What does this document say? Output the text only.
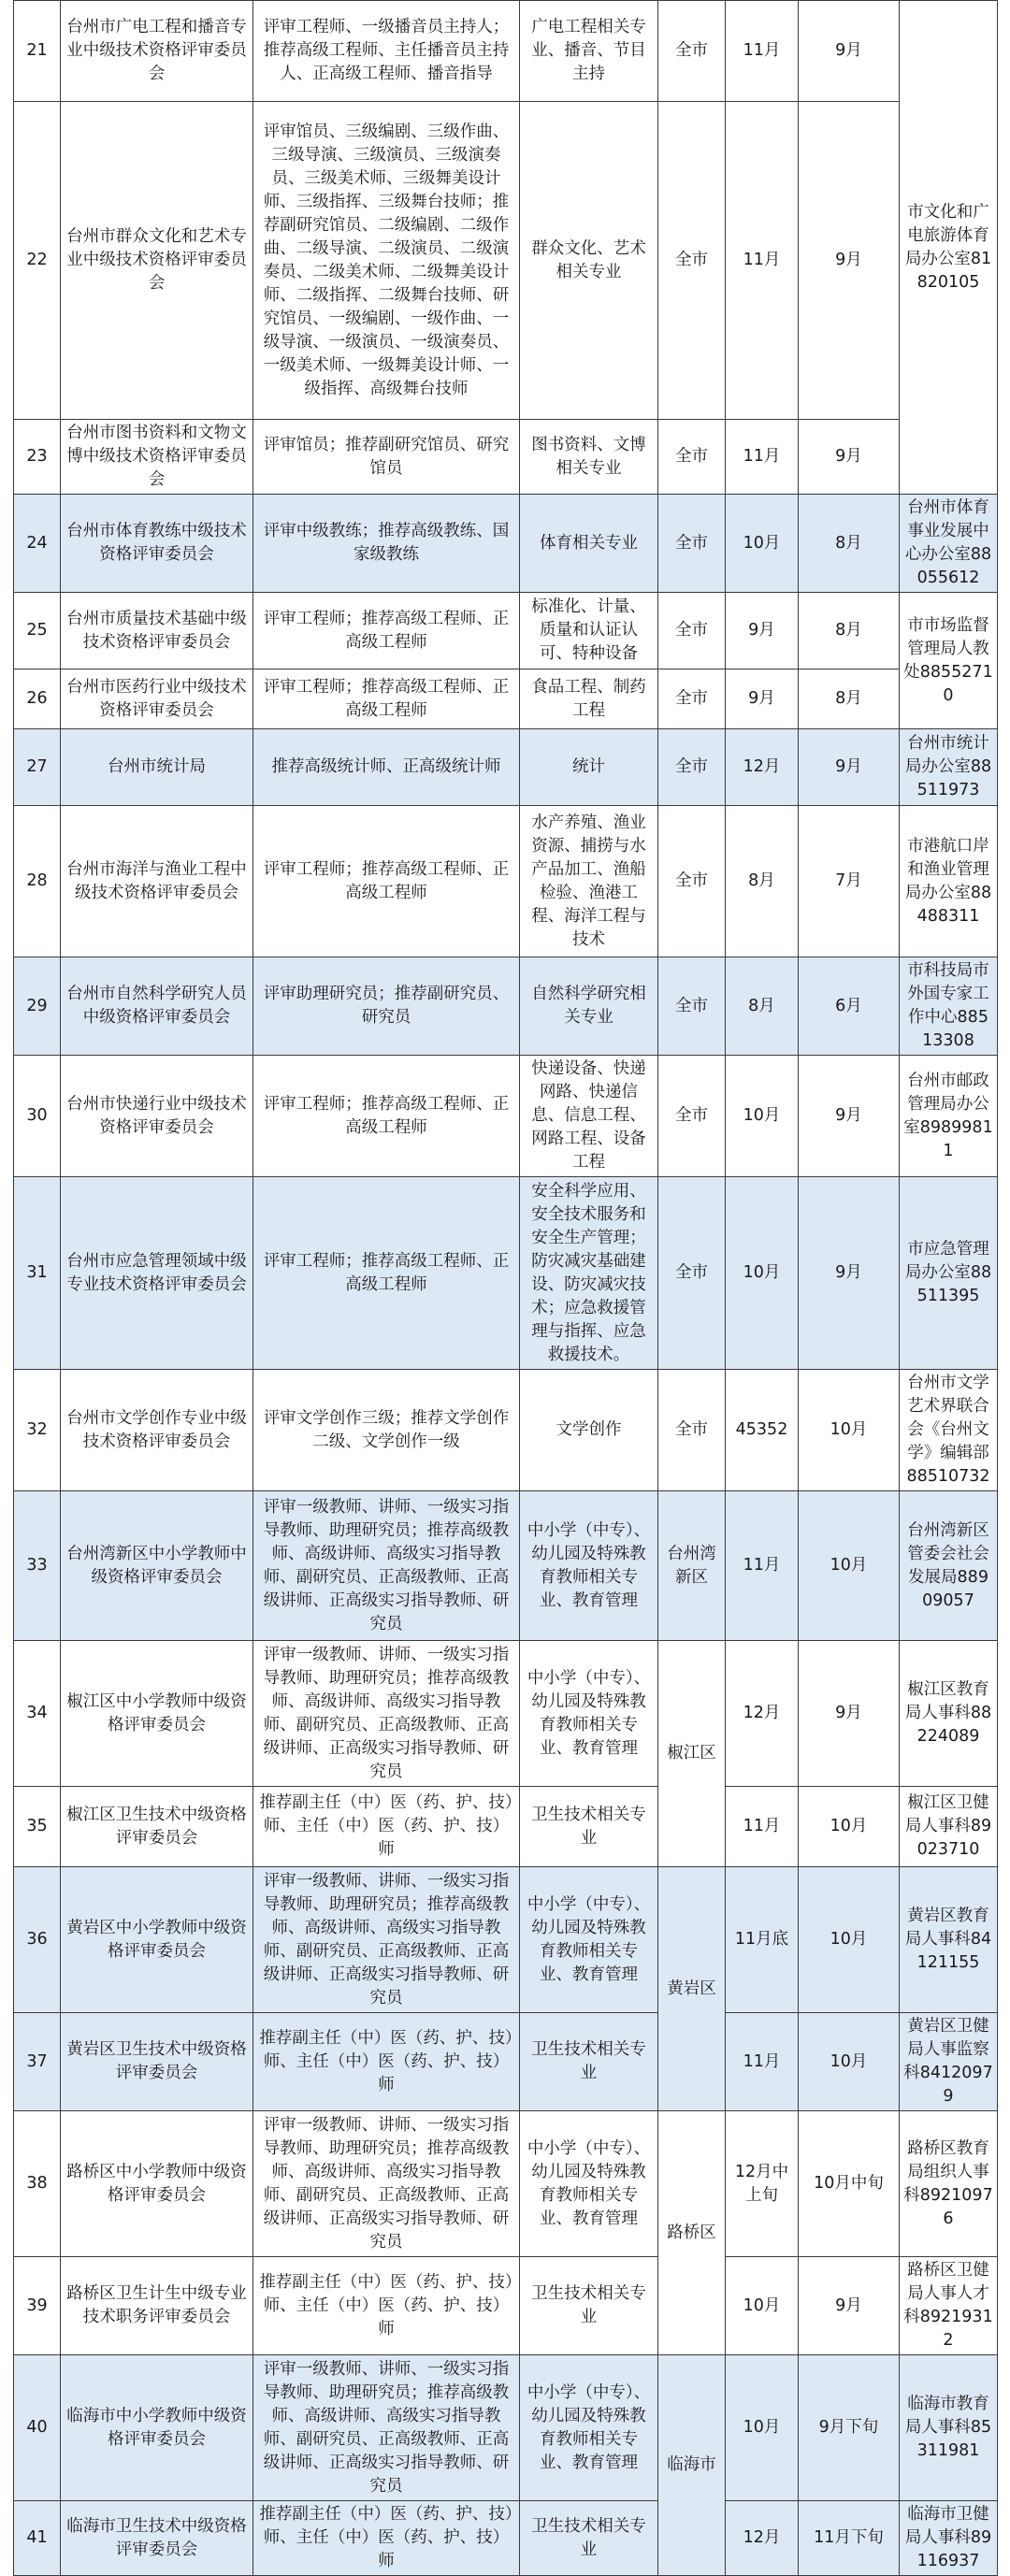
21	台州市广电工程和播音专业中级技术资格评审委员会	评审工程师、一级播音员主持人；推荐高级工程师、主任播音员主持人、正高级工程师、播音指导	广电工程相关专业、播音、节目主持	全市	11月	9月	市文化和广电旅游体育局办公室81820105
22	台州市群众文化和艺术专业中级技术资格评审委员会	评审馆员、三级编剧、三级作曲、三级导演、三级演员、三级演奏员、三级美术师、三级舞美设计师、三级指挥、三级舞台技师；推荐副研究馆员、二级编剧、二级作曲、二级导演、二级演员、二级演奏员、二级美术师、二级舞美设计师、二级指挥、二级舞台技师、研究馆员、一级编剧、一级作曲、一级导演、一级演员、一级演奏员、一级美术师、一级舞美设计师、一级指挥、高级舞台技师	群众文化、艺术相关专业	全市	11月	9月	
23	台州市图书资料和文物文博中级技术资格评审委员会	评审馆员；推荐副研究馆员、研究馆员	图书资料、文博相关专业	全市	11月	9月	
24	台州市体育教练中级技术资格评审委员会	评审中级教练；推荐高级教练、国家级教练	体育相关专业	全市	10月	8月	台州市体育事业发展中心办公室88055612
25	台州市质量技术基础中级技术资格评审委员会	评审工程师；推荐高级工程师、正高级工程师	标准化、计量、质量和认证认可、特种设备	全市	9月	8月	市市场监督管理局人教处88552710
26	台州市医药行业中级技术资格评审委员会	评审工程师；推荐高级工程师、正高级工程师	食品工程、制药工程	全市	9月	8月	
27	台州市统计局	推荐高级统计师、正高级统计师	统计	全市	12月	9月	台州市统计局办公室88511973
28	台州市海洋与渔业工程中级技术资格评审委员会	评审工程师；推荐高级工程师、正高级工程师	水产养殖、渔业资源、捕捞与水产品加工、渔船检验、渔港工程、海洋工程与技术	全市	8月	7月	市港航口岸和渔业管理局办公室88488311
29	台州市自然科学研究人员中级资格评审委员会	评审助理研究员；推荐副研究员、研究员	自然科学研究相关专业	全市	8月	6月	市科技局市外国专家工作中心88513308
30	台州市快递行业中级技术资格评审委员会	评审工程师；推荐高级工程师、正高级工程师	快递设备、快递网路、快递信息、信息工程、网路工程、设备工程	全市	10月	9月	台州市邮政管理局办公室89899811
31	台州市应急管理领域中级专业技术资格评审委员会	评审工程师；推荐高级工程师、正高级工程师	安全科学应用、安全技术服务和安全生产管理；防灾减灾基础建设、防灾减灾技术；应急救援管理与指挥、应急救援技术。	全市	10月	9月	市应急管理局办公室88511395
32	台州市文学创作专业中级技术资格评审委员会	评审文学创作三级；推荐文学创作二级、文学创作一级	文学创作	全市	45352	10月	台州市文学艺术界联合会《台州文学》编辑部88510732
33	台州湾新区中小学教师中级资格评审委员会	评审一级教师、讲师、一级实习指导教师、助理研究员；推荐高级教师、高级讲师、高级实习指导教师、副研究员、正高级教师、正高级讲师、正高级实习指导教师、研究员	中小学（中专）、幼儿园及特殊教育教师相关专业、教育管理	台州湾新区	11月	10月	台州湾新区管委会社会发展局88909057
34	椒江区中小学教师中级资格评审委员会	评审一级教师、讲师、一级实习指导教师、助理研究员；推荐高级教师、高级讲师、高级实习指导教师、副研究员、正高级教师、正高级讲师、正高级实习指导教师、研究员	中小学（中专）、幼儿园及特殊教育教师相关专业、教育管理	椒江区	12月	9月	椒江区教育局人事科88224089
35	椒江区卫生技术中级资格评审委员会	推荐副主任（中）医（药、护、技）师、主任（中）医（药、护、技）师	卫生技术相关专业		11月	10月	椒江区卫健局人事科89023710
36	黄岩区中小学教师中级资格评审委员会	评审一级教师、讲师、一级实习指导教师、助理研究员；推荐高级教师、高级讲师、高级实习指导教师、副研究员、正高级教师、正高级讲师、正高级实习指导教师、研究员	中小学（中专）、幼儿园及特殊教育教师相关专业、教育管理	黄岩区	11月底	10月	黄岩区教育局人事科84121155
37	黄岩区卫生技术中级资格评审委员会	推荐副主任（中）医（药、护、技）师、主任（中）医（药、护、技）师	卫生技术相关专业		11月	10月	黄岩区卫健局人事监察科84120979
38	路桥区中小学教师中级资格评审委员会	评审一级教师、讲师、一级实习指导教师、助理研究员；推荐高级教师、高级讲师、高级实习指导教师、副研究员、正高级教师、正高级讲师、正高级实习指导教师、研究员	中小学（中专）、幼儿园及特殊教育教师相关专业、教育管理	路桥区	12月中上旬	10月中旬	路桥区教育局组织人事科89210976
39	路桥区卫生计生中级专业技术职务评审委员会	推荐副主任（中）医（药、护、技）师、主任（中）医（药、护、技）师	卫生技术相关专业		10月	9月	路桥区卫健局人事人才科89219312
40	临海市中小学教师中级资格评审委员会	评审一级教师、讲师、一级实习指导教师、助理研究员；推荐高级教师、高级讲师、高级实习指导教师、副研究员、正高级教师、正高级讲师、正高级实习指导教师、研究员	中小学（中专）、幼儿园及特殊教育教师相关专业、教育管理	临海市	10月	9月下旬	临海市教育局人事科85311981
41	临海市卫生技术中级资格评审委员会	推荐副主任（中）医（药、护、技）师、主任（中）医（药、护、技）师	卫生技术相关专业		12月	11月下旬	临海市卫健局人事科89116937
